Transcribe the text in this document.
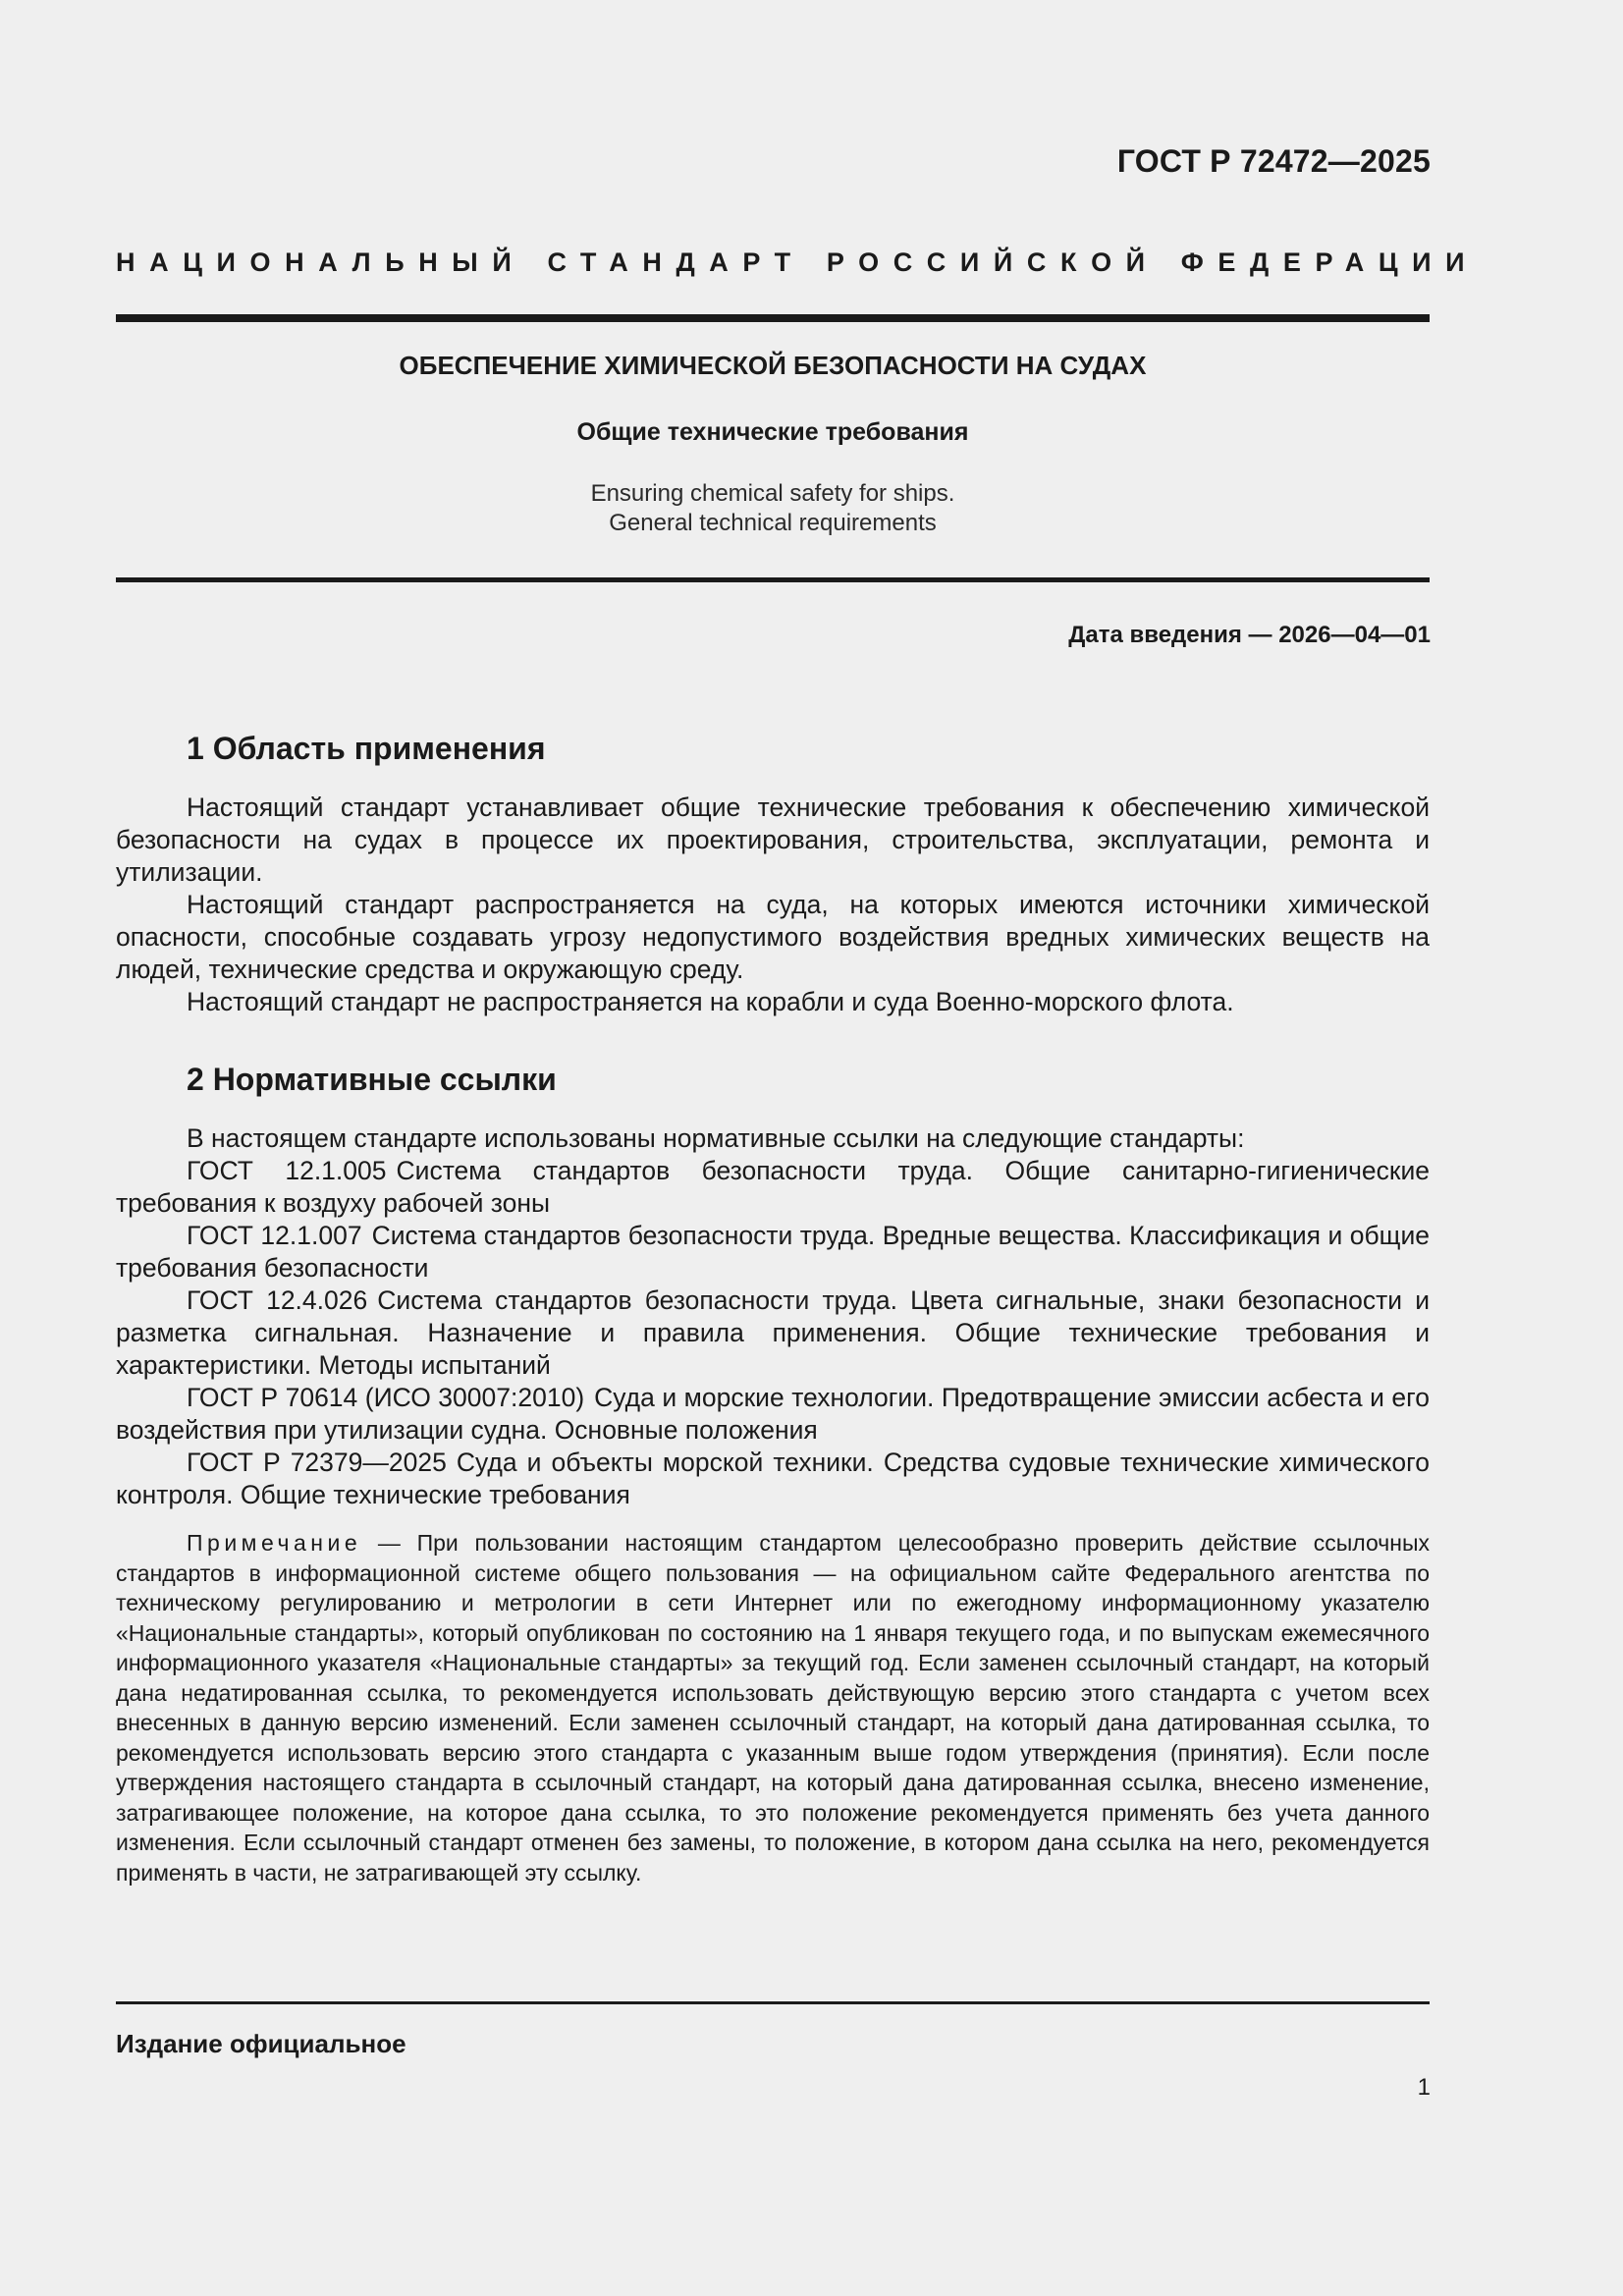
ГОСТ Р 72472—2025
НАЦИОНАЛЬНЫЙ СТАНДАРТ РОССИЙСКОЙ ФЕДЕРАЦИИ
ОБЕСПЕЧЕНИЕ ХИМИЧЕСКОЙ БЕЗОПАСНОСТИ НА СУДАХ
Общие технические требования
Ensuring chemical safety for ships.
General technical requirements
Дата введения — 2026—04—01
1 Область применения

Настоящий стандарт устанавливает общие технические требования к обеспечению химической безопасности на судах в процессе их проектирования, строительства, эксплуатации, ремонта и утилизации.

Настоящий стандарт распространяется на суда, на которых имеются источники химической опасности, способные создавать угрозу недопустимого воздействия вредных химических веществ на людей, технические средства и окружающую среду.

Настоящий стандарт не распространяется на корабли и суда Военно-морского флота.

2 Нормативные ссылки

В настоящем стандарте использованы нормативные ссылки на следующие стандарты:

ГОСТ 12.1.005 Система стандартов безопасности труда. Общие санитарно-гигиенические требования к воздуху рабочей зоны

ГОСТ 12.1.007 Система стандартов безопасности труда. Вредные вещества. Классификация и общие требования безопасности

ГОСТ 12.4.026 Система стандартов безопасности труда. Цвета сигнальные, знаки безопасности и разметка сигнальная. Назначение и правила применения. Общие технические требования и характеристики. Методы испытаний

ГОСТ Р 70614 (ИСО 30007:2010) Суда и морские технологии. Предотвращение эмиссии асбеста и его воздействия при утилизации судна. Основные положения

ГОСТ Р 72379—2025 Суда и объекты морской техники. Средства судовые технические химического контроля. Общие технические требования

Примечание — При пользовании настоящим стандартом целесообразно проверить действие ссылочных стандартов в информационной системе общего пользования — на официальном сайте Федерального агентства по техническому регулированию и метрологии в сети Интернет или по ежегодному информационному указателю «Национальные стандарты», который опубликован по состоянию на 1 января текущего года, и по выпускам ежемесячного информационного указателя «Национальные стандарты» за текущий год. Если заменен ссылочный стандарт, на который дана недатированная ссылка, то рекомендуется использовать действующую версию этого стандарта с учетом всех внесенных в данную версию изменений. Если заменен ссылочный стандарт, на который дана датированная ссылка, то рекомендуется использовать версию этого стандарта с указанным выше годом утверждения (принятия). Если после утверждения настоящего стандарта в ссылочный стандарт, на который дана датированная ссылка, внесено изменение, затрагивающее положение, на которое дана ссылка, то это положение рекомендуется применять без учета данного изменения. Если ссылочный стандарт отменен без замены, то положение, в котором дана ссылка на него, рекомендуется применять в части, не затрагивающей эту ссылку.

Издание официальное
1
